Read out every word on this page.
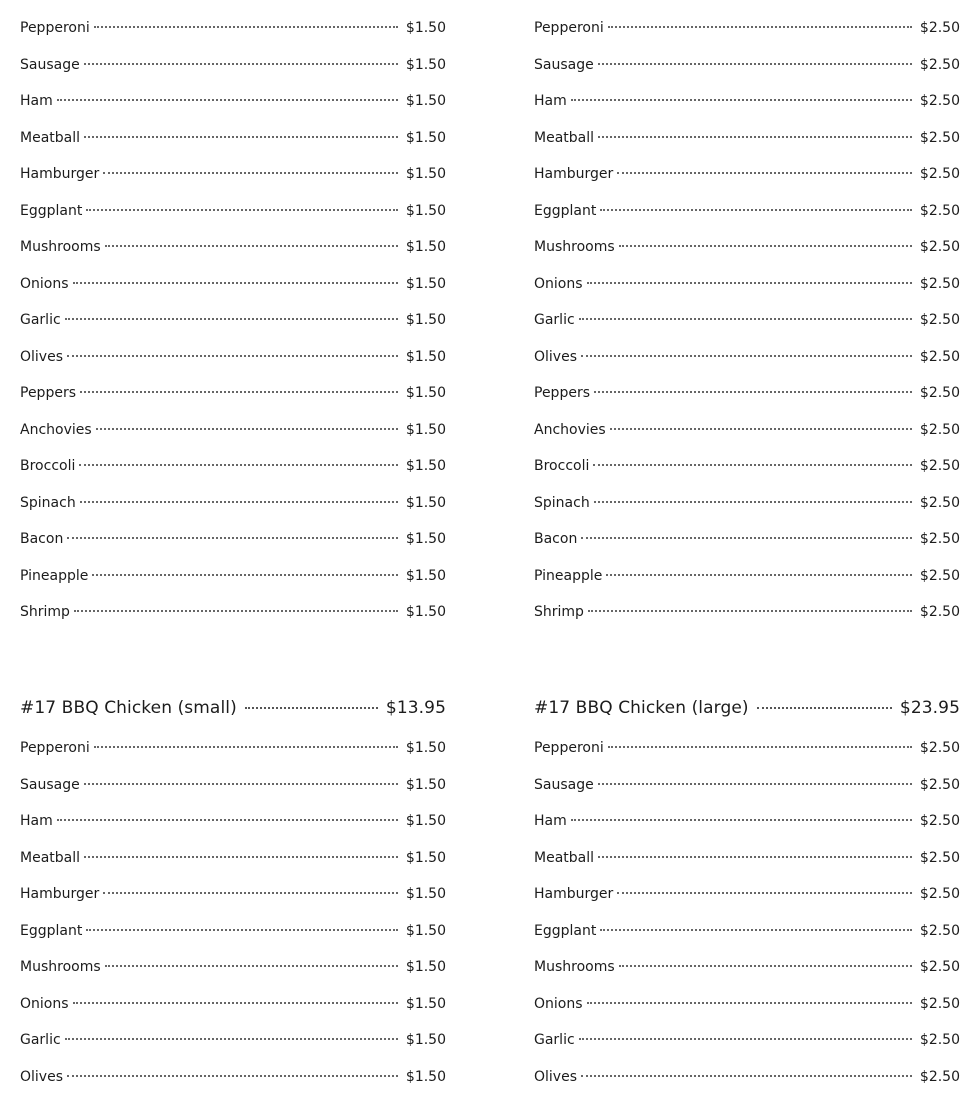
Pepperoni	$1.50
Sausage	$1.50
Ham	$1.50
Meatball	$1.50
Hamburger	$1.50
Eggplant	$1.50
Mushrooms	$1.50
Onions	$1.50
Garlic	$1.50
Olives	$1.50
Peppers	$1.50
Anchovies	$1.50
Broccoli	$1.50
Spinach	$1.50
Bacon	$1.50
Pineapple	$1.50
Shrimp	$1.50
#17 BBQ Chicken (small)	$13.95
Pepperoni	$1.50
Sausage	$1.50
Ham	$1.50
Meatball	$1.50
Hamburger	$1.50
Eggplant	$1.50
Mushrooms	$1.50
Onions	$1.50
Garlic	$1.50
Olives	$1.50
Pepperoni	$2.50
Sausage	$2.50
Ham	$2.50
Meatball	$2.50
Hamburger	$2.50
Eggplant	$2.50
Mushrooms	$2.50
Onions	$2.50
Garlic	$2.50
Olives	$2.50
Peppers	$2.50
Anchovies	$2.50
Broccoli	$2.50
Spinach	$2.50
Bacon	$2.50
Pineapple	$2.50
Shrimp	$2.50
#17 BBQ Chicken (large)	$23.95
Pepperoni	$2.50
Sausage	$2.50
Ham	$2.50
Meatball	$2.50
Hamburger	$2.50
Eggplant	$2.50
Mushrooms	$2.50
Onions	$2.50
Garlic	$2.50
Olives	$2.50
